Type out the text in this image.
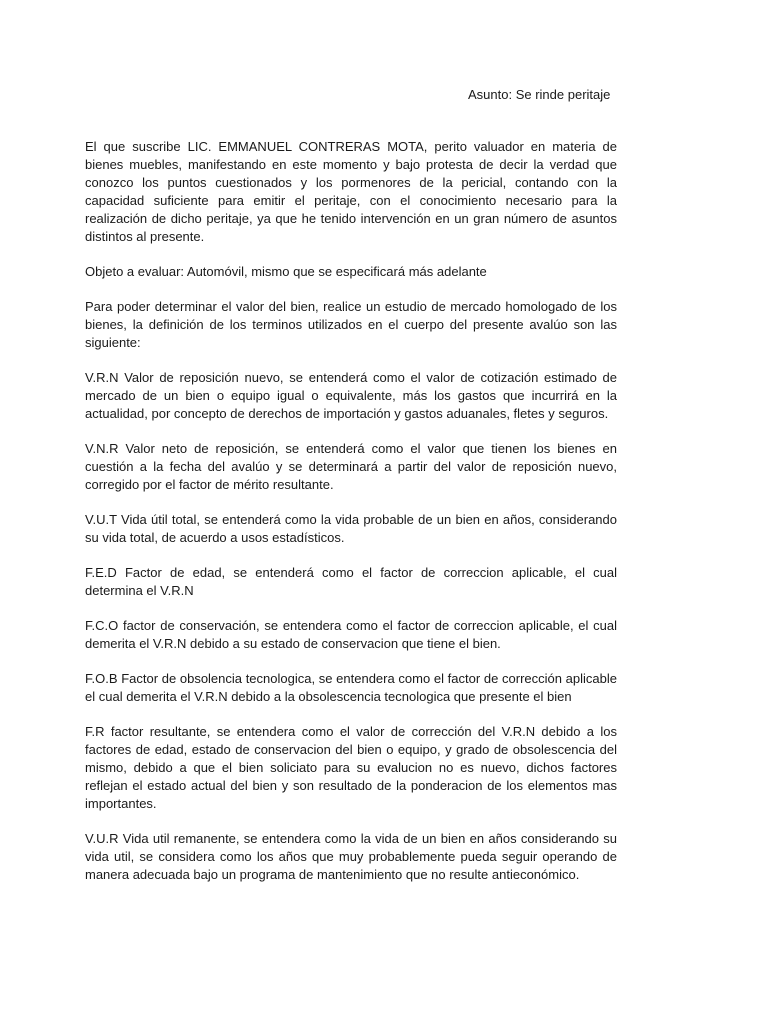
Asunto: Se rinde peritaje

El que suscribe LIC. EMMANUEL CONTRERAS MOTA, perito valuador en materia de bienes muebles, manifestando en este momento y bajo protesta de decir la verdad que conozco los puntos cuestionados y los pormenores de la pericial, contando con la capacidad suficiente para emitir el peritaje, con el conocimiento necesario para la realización de dicho peritaje, ya que he tenido intervención en un gran número de asuntos distintos al presente.

Objeto a evaluar: Automóvil, mismo que se especificará más adelante

Para poder determinar el valor del bien, realice un estudio de mercado homologado de los bienes, la definición de los terminos utilizados en el cuerpo del presente avalúo son las siguiente:

V.R.N Valor de reposición nuevo, se entenderá como el valor de cotización estimado de mercado de un bien o equipo igual o equivalente, más los gastos que incurrirá en la actualidad, por concepto de derechos de importación y gastos aduanales, fletes y seguros.

V.N.R Valor neto de reposición, se entenderá como el valor que tienen los bienes en cuestión a la fecha del avalúo y se determinará a partir del valor de reposición nuevo, corregido por el factor de mérito resultante.

V.U.T Vida útil total, se entenderá como la vida probable de un bien en años, considerando su vida total, de acuerdo a usos estadísticos.

F.E.D Factor de edad, se entenderá como el factor de correccion aplicable, el cual determina el V.R.N

F.C.O factor de conservación, se entendera como el factor de correccion aplicable, el cual demerita el V.R.N debido a su estado de conservacion que tiene el bien.

F.O.B Factor de obsolencia tecnologica, se entendera como el factor de corrección aplicable el cual demerita el V.R.N debido a la obsolescencia tecnologica que presente el bien

F.R factor resultante, se entendera como el valor de corrección del V.R.N debido a los factores de edad, estado de conservacion del bien o equipo, y grado de obsolescencia del mismo, debido a que el bien soliciato para su evalucion no es nuevo, dichos factores reflejan el estado actual del bien y son resultado de la ponderacion de los elementos mas importantes.

V.U.R Vida util remanente, se entendera como la vida de un bien en años considerando su vida util, se considera como los años que muy probablemente pueda seguir operando de manera adecuada bajo un programa de mantenimiento que no resulte antieconómico.
